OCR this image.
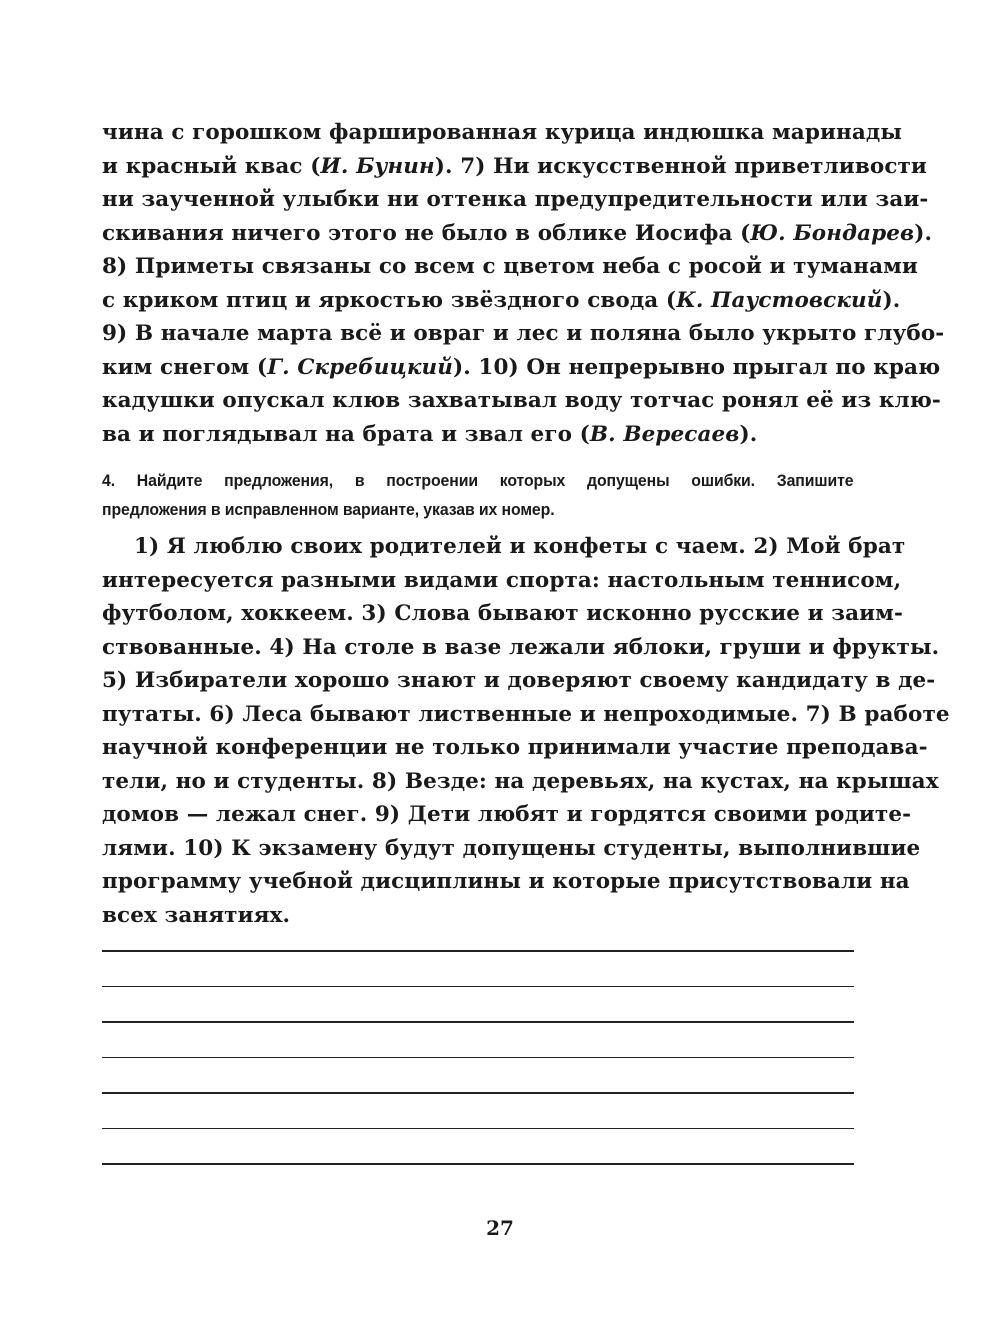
чина с горошком фаршированная курица индюшка маринады
и красный квас (И. Бунин). 7) Ни искусственной приветливости
ни заученной улыбки ни оттенка предупредительности или заи-
скивания ничего этого не было в облике Иосифа (Ю. Бондарев).
8) Приметы связаны со всем с цветом неба с росой и туманами
с криком птиц и яркостью звёздного свода (К. Паустовский).
9) В начале марта всё и овраг и лес и поляна было укрыто глубо-
ким снегом (Г. Скребицкий). 10) Он непрерывно прыгал по краю
кадушки опускал клюв захватывал воду тотчас ронял её из клю-
ва и поглядывал на брата и звал его (В. Вересаев).
4. Найдите предложения, в построении которых допущены ошибки. Запишите
предложения в исправленном варианте, указав их номер.
1) Я люблю своих родителей и конфеты с чаем. 2) Мой брат
интересуется разными видами спорта: настольным теннисом,
футболом, хоккеем. 3) Слова бывают исконно русские и заим-
ствованные. 4) На столе в вазе лежали яблоки, груши и фрукты.
5) Избиратели хорошо знают и доверяют своему кандидату в де-
путаты. 6) Леса бывают лиственные и непроходимые. 7) В работе
научной конференции не только принимали участие преподава-
тели, но и студенты. 8) Везде: на деревьях, на кустах, на крышах
домов — лежал снег. 9) Дети любят и гордятся своими родите-
лями. 10) К экзамену будут допущены студенты, выполнившие
программу учебной дисциплины и которые присутствовали на
всех занятиях.
27
